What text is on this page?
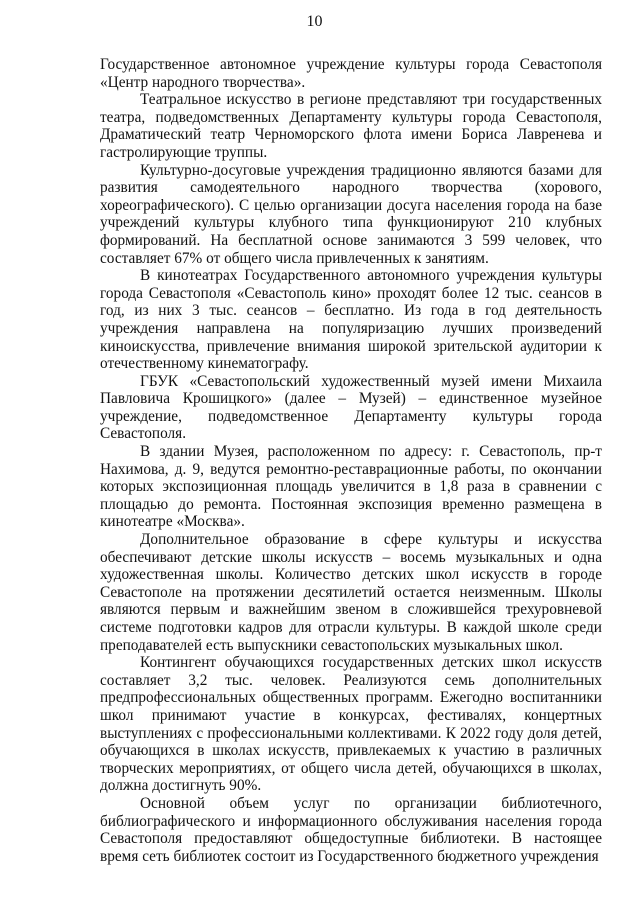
10

Государственное автономное учреждение культуры города Севастополя «Центр народного творчества».

Театральное искусство в регионе представляют три государственных театра, подведомственных Департаменту культуры города Севастополя, Драматический театр Черноморского флота имени Бориса Лавренева и гастролирующие труппы.

Культурно-досуговые учреждения традиционно являются базами для развития самодеятельного народного творчества (хорового, хореографического). С целью организации досуга населения города на базе учреждений культуры клубного типа функционируют 210 клубных формирований. На бесплатной основе занимаются 3 599 человек, что составляет 67% от общего числа привлеченных к занятиям.

В кинотеатрах Государственного автономного учреждения культуры города Севастополя «Севастополь кино» проходят более 12 тыс. сеансов в год, из них 3 тыс. сеансов – бесплатно. Из года в год деятельность учреждения направлена на популяризацию лучших произведений киноискусства, привлечение внимания широкой зрительской аудитории к отечественному кинематографу.

ГБУК «Севастопольский художественный музей имени Михаила Павловича Крошицкого» (далее – Музей) – единственное музейное учреждение, подведомственное Департаменту культуры города Севастополя.

В здании Музея, расположенном по адресу: г. Севастополь, пр-т Нахимова, д. 9, ведутся ремонтно-реставрационные работы, по окончании которых экспозиционная площадь увеличится в 1,8 раза в сравнении с площадью до ремонта. Постоянная экспозиция временно размещена в кинотеатре «Москва».

Дополнительное образование в сфере культуры и искусства обеспечивают детские школы искусств – восемь музыкальных и одна художественная школы. Количество детских школ искусств в городе Севастополе на протяжении десятилетий остается неизменным. Школы являются первым и важнейшим звеном в сложившейся трехуровневой системе подготовки кадров для отрасли культуры. В каждой школе среди преподавателей есть выпускники севастопольских музыкальных школ.

Контингент обучающихся государственных детских школ искусств составляет 3,2 тыс. человек. Реализуются семь дополнительных предпрофессиональных общественных программ. Ежегодно воспитанники школ принимают участие в конкурсах, фестивалях, концертных выступлениях с профессиональными коллективами. К 2022 году доля детей, обучающихся в школах искусств, привлекаемых к участию в различных творческих мероприятиях, от общего числа детей, обучающихся в школах, должна достигнуть 90%.

Основной объем услуг по организации библиотечного, библиографического и информационного обслуживания населения города Севастополя предоставляют общедоступные библиотеки. В настоящее время сеть библиотек состоит из Государственного бюджетного учреждения
